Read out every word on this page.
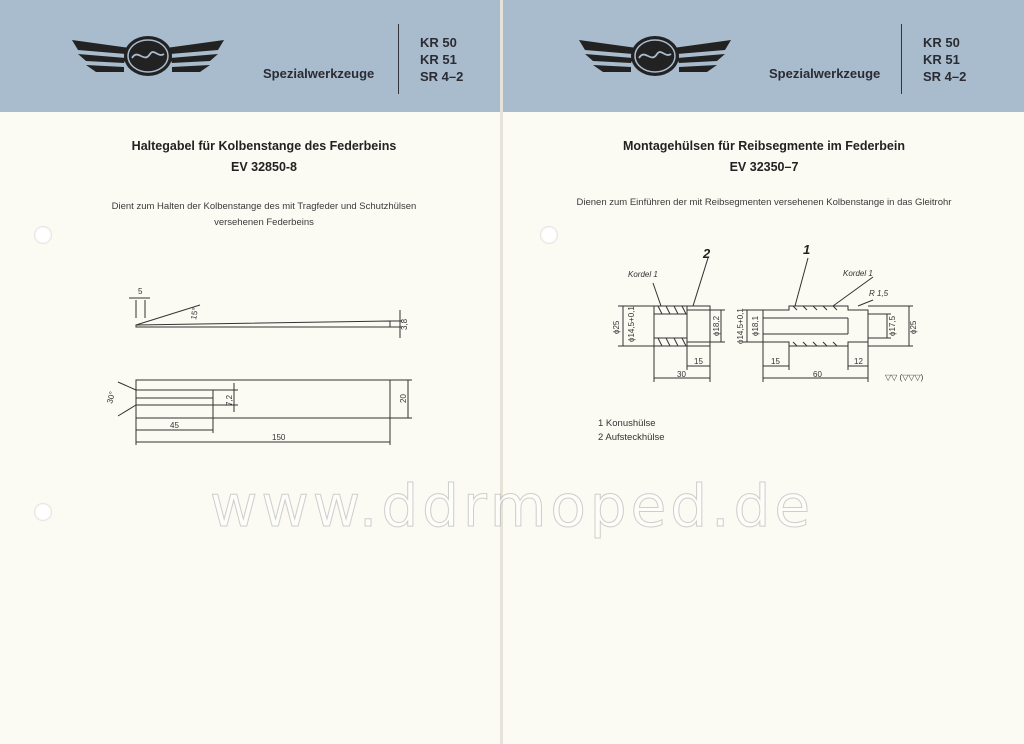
Spezialwerkzeuge
KR 50
KR 51
SR 4–2
Haltegabel für Kolbenstange des Federbeins
EV 32850-8
Dient zum Halten der Kolbenstange des mit Tragfeder und Schutzhülsen
versehenen Federbeins
5
15°
3,8
30°	7,2	20
45
150
Spezialwerkzeuge
KR 50
KR 51
SR 4–2
Montagehülsen für Reibsegmente im Federbein
EV 32350–7
Dienen zum Einführen der mit Reibsegmenten versehenen Kolbenstange in das Gleitrohr
2	1
Kordel 1	Kordel 1
ϕ25 ϕ14,5+0,1	ϕ18,2
15
30
ϕ14,5+0,1 ϕ18,1
R 1,5
ϕ17,5 ϕ25
15
60
12
▽▽ (▽▽▽)
1 Konushülse
2 Aufsteckhülse
www.ddrmoped.de
